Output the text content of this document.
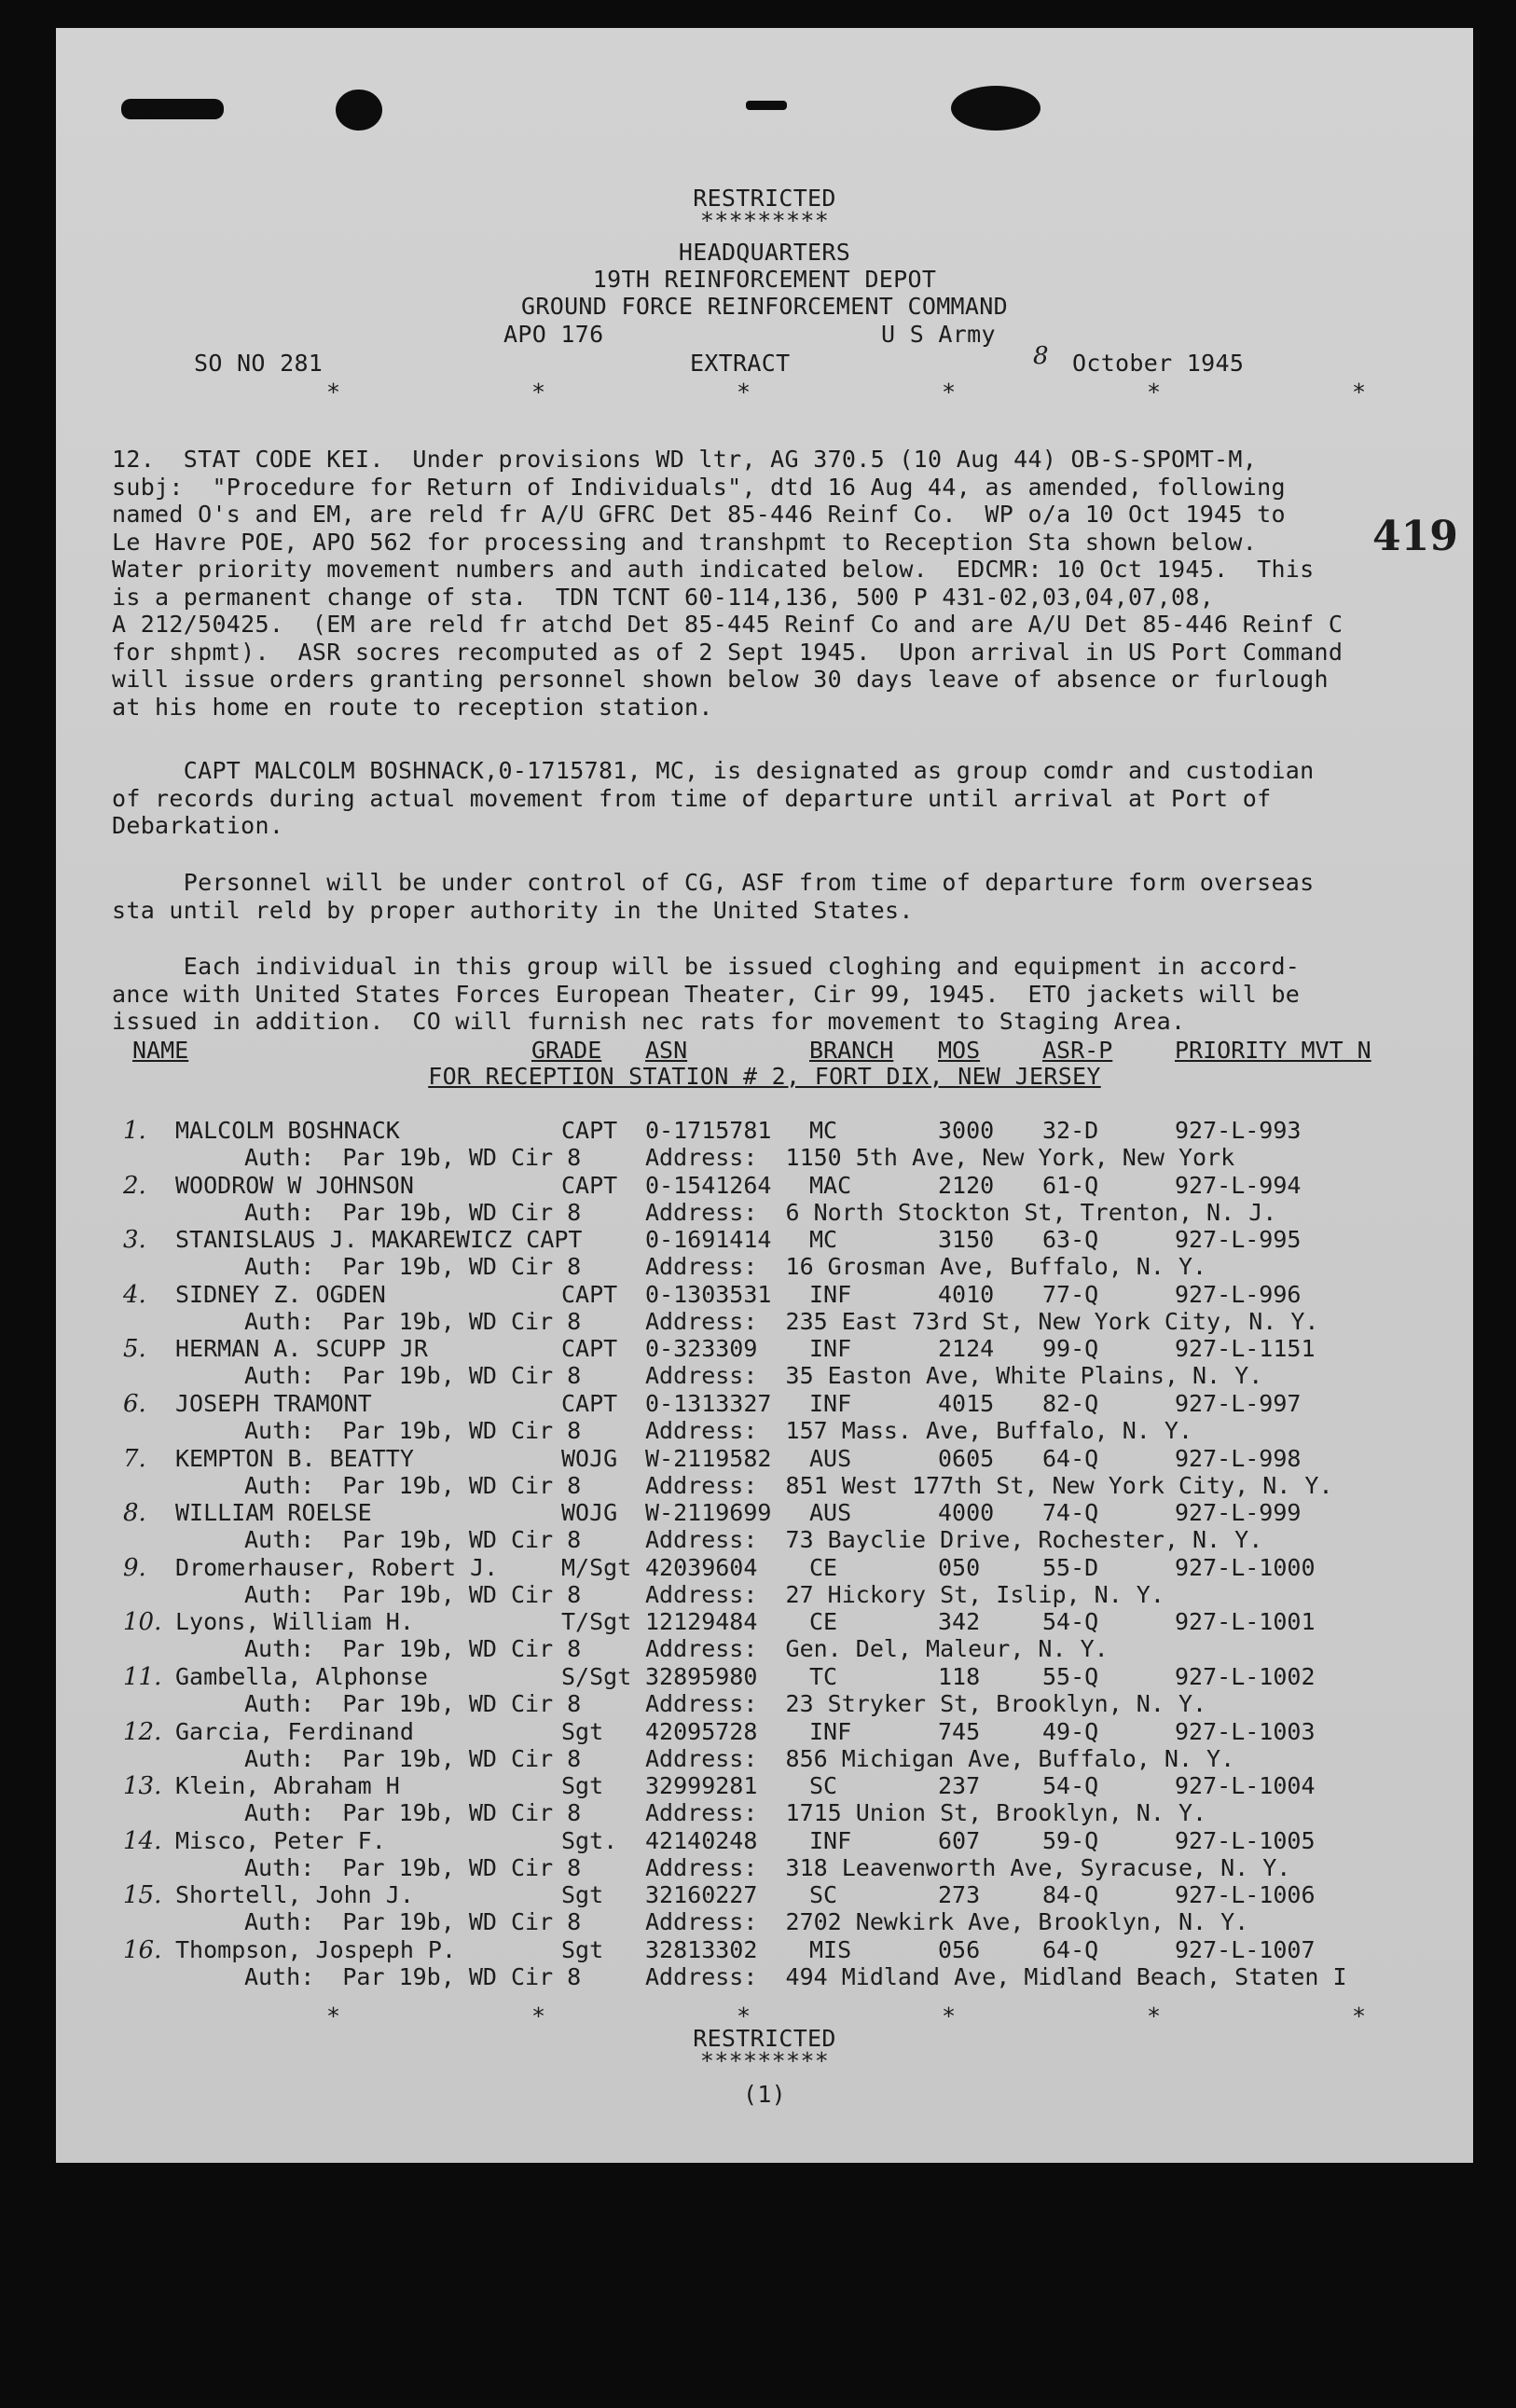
RESTRICTED
*********
HEADQUARTERS
19TH REINFORCEMENT DEPOT
GROUND FORCE REINFORCEMENT COMMAND
APO 176	U S Army
SO NO 281	EXTRACT	8 October 1945
419
*	*	*	*	*	*
12.  STAT CODE KEI.  Under provisions WD ltr, AG 370.5 (10 Aug 44) OB-S-SPOMT-M,
subj:  "Procedure for Return of Individuals", dtd 16 Aug 44, as amended, following
named O's and EM, are reld fr A/U GFRC Det 85-446 Reinf Co.  WP o/a 10 Oct 1945 to
Le Havre POE, APO 562 for processing and transhpmt to Reception Sta shown below.
Water priority movement numbers and auth indicated below.  EDCMR: 10 Oct 1945.  This
is a permanent change of sta.  TDN TCNT 60-114,136, 500 P 431-02,03,04,07,08,
A 212/50425.  (EM are reld fr atchd Det 85-445 Reinf Co and are A/U Det 85-446 Reinf C
for shpmt).  ASR socres recomputed as of 2 Sept 1945.  Upon arrival in US Port Command
will issue orders granting personnel shown below 30 days leave of absence or furlough
at his home en route to reception station.
CAPT MALCOLM BOSHNACK,0-1715781, MC, is designated as group comdr and custodian
of records during actual movement from time of departure until arrival at Port of
Debarkation.
Personnel will be under control of CG, ASF from time of departure form overseas
sta until reld by proper authority in the United States.
Each individual in this group will be issued cloghing and equipment in accord-
ance with United States Forces European Theater, Cir 99, 1945.  ETO jackets will be
issued in addition.  CO will furnish nec rats for movement to Staging Area.
NAME	GRADE ASN	BRANCH MOS	ASR-P	PRIORITY MVT N
FOR RECEPTION STATION # 2, FORT DIX, NEW JERSEY
1. MALCOLM BOSHNACK	CAPT 0-1715781 MC	3000 32-D	927-L-993
Auth:  Par 19b, WD Cir 8	Address:  1150 5th Ave, New York, New York
2. WOODROW W JOHNSON	CAPT 0-1541264 MAC	2120 61-Q	927-L-994
Auth:  Par 19b, WD Cir 8	Address:  6 North Stockton St, Trenton, N. J.
3. STANISLAUS J. MAKAREWICZ CAPT	0-1691414 MC	3150 63-Q	927-L-995
Auth:  Par 19b, WD Cir 8	Address:  16 Grosman Ave, Buffalo, N. Y.
4. SIDNEY Z. OGDEN	CAPT 0-1303531 INF	4010 77-Q	927-L-996
Auth:  Par 19b, WD Cir 8	Address:  235 East 73rd St, New York City, N. Y.
5. HERMAN A. SCUPP JR	CAPT 0-323309 INF	2124 99-Q	927-L-1151
Auth:  Par 19b, WD Cir 8	Address:  35 Easton Ave, White Plains, N. Y.
6. JOSEPH TRAMONT	CAPT 0-1313327 INF	4015 82-Q	927-L-997
Auth:  Par 19b, WD Cir 8	Address:  157 Mass. Ave, Buffalo, N. Y.
7. KEMPTON B. BEATTY	WOJG W-2119582 AUS	0605 64-Q	927-L-998
Auth:  Par 19b, WD Cir 8	Address:  851 West 177th St, New York City, N. Y.
8. WILLIAM ROELSE	WOJG W-2119699 AUS	4000 74-Q	927-L-999
Auth:  Par 19b, WD Cir 8	Address:  73 Bayclie Drive, Rochester, N. Y.
9. Dromerhauser, Robert J.	M/Sgt 42039604 CE	050	55-D	927-L-1000
Auth:  Par 19b, WD Cir 8	Address:  27 Hickory St, Islip, N. Y.
10. Lyons, William H.	T/Sgt 12129484 CE	342	54-Q	927-L-1001
Auth:  Par 19b, WD Cir 8	Address:  Gen. Del, Maleur, N. Y.
11. Gambella, Alphonse	S/Sgt 32895980 TC	118	55-Q	927-L-1002
Auth:  Par 19b, WD Cir 8	Address:  23 Stryker St, Brooklyn, N. Y.
12. Garcia, Ferdinand	Sgt 42095728 INF	745	49-Q	927-L-1003
Auth:  Par 19b, WD Cir 8	Address:  856 Michigan Ave, Buffalo, N. Y.
13. Klein, Abraham H	Sgt 32999281 SC	237	54-Q	927-L-1004
Auth:  Par 19b, WD Cir 8	Address:  1715 Union St, Brooklyn, N. Y.
14. Misco, Peter F.	Sgt. 42140248 INF	607	59-Q	927-L-1005
Auth:  Par 19b, WD Cir 8	Address:  318 Leavenworth Ave, Syracuse, N. Y.
15. Shortell, John J.	Sgt 32160227 SC	273	84-Q	927-L-1006
Auth:  Par 19b, WD Cir 8	Address:  2702 Newkirk Ave, Brooklyn, N. Y.
16. Thompson, Jospeph P.	Sgt 32813302 MIS	056	64-Q	927-L-1007
Auth:  Par 19b, WD Cir 8	Address:  494 Midland Ave, Midland Beach, Staten I
*	*	*	*	*	*
RESTRICTED
*********
(1)
